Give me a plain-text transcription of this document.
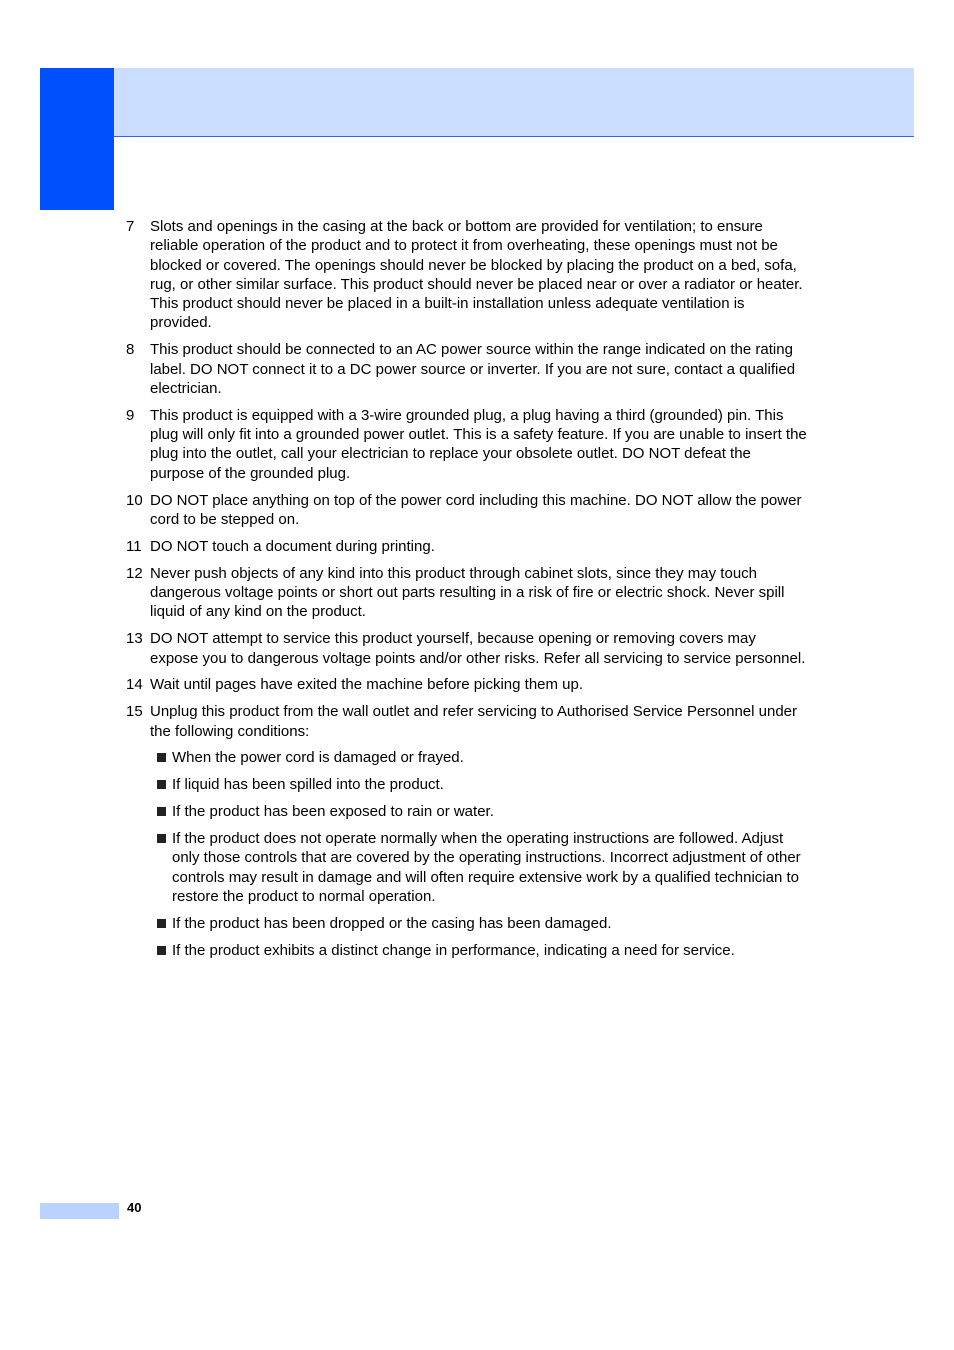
7	Slots and openings in the casing at the back or bottom are provided for ventilation; to ensure reliable operation of the product and to protect it from overheating, these openings must not be blocked or covered. The openings should never be blocked by placing the product on a bed, sofa, rug, or other similar surface. This product should never be placed near or over a radiator or heater. This product should never be placed in a built-in installation unless adequate ventilation is provided.
8	This product should be connected to an AC power source within the range indicated on the rating label. DO NOT connect it to a DC power source or inverter. If you are not sure, contact a qualified electrician.
9	This product is equipped with a 3-wire grounded plug, a plug having a third (grounded) pin. This plug will only fit into a grounded power outlet. This is a safety feature. If you are unable to insert the plug into the outlet, call your electrician to replace your obsolete outlet. DO NOT defeat the purpose of the grounded plug.
10 DO NOT place anything on top of the power cord including this machine. DO NOT allow the power cord to be stepped on.
11 DO NOT touch a document during printing.
12 Never push objects of any kind into this product through cabinet slots, since they may touch dangerous voltage points or short out parts resulting in a risk of fire or electric shock. Never spill liquid of any kind on the product.
13 DO NOT attempt to service this product yourself, because opening or removing covers may expose you to dangerous voltage points and/or other risks. Refer all servicing to service personnel.
14 Wait until pages have exited the machine before picking them up.
15 Unplug this product from the wall outlet and refer servicing to Authorised Service Personnel under the following conditions:
When the power cord is damaged or frayed.
If liquid has been spilled into the product.
If the product has been exposed to rain or water.
If the product does not operate normally when the operating instructions are followed. Adjust only those controls that are covered by the operating instructions. Incorrect adjustment of other controls may result in damage and will often require extensive work by a qualified technician to restore the product to normal operation.
If the product has been dropped or the casing has been damaged.
If the product exhibits a distinct change in performance, indicating a need for service.
40
